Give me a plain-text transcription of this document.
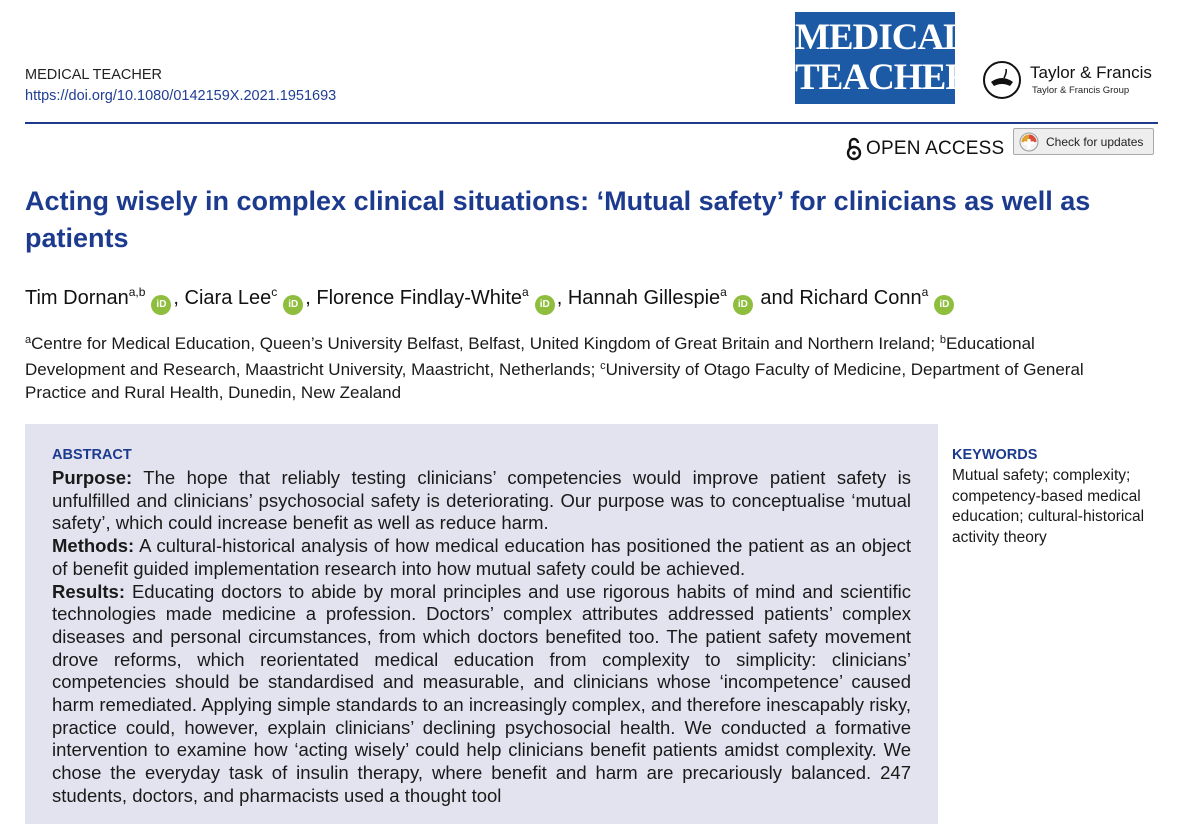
MEDICAL TEACHER
https://doi.org/10.1080/0142159X.2021.1951693
MEDICAL
TEACHER	Taylor & Francis
Taylor & Francis Group
OPEN ACCESS	Check for updates
Acting wisely in complex clinical situations: ‘Mutual safety’ for clinicians as well as patients
Tim Dornan$^{a,b}$iD , Ciara Lee$^c$iD , Florence Findlay-White$^a$iD , Hannah Gillespie$^a$iD and Richard Conn$^a$iD
$^a$Centre for Medical Education, Queen’s University Belfast, Belfast, United Kingdom of Great Britain and Northern Ireland; $^b$Educational Development and Research, Maastricht University, Maastricht, Netherlands; $^c$University of Otago Faculty of Medicine, Department of General Practice and Rural Health, Dunedin, New Zealand
ABSTRACT

Purpose: The hope that reliably testing clinicians’ competencies would improve patient safety is unfulfilled and clinicians’ psychosocial safety is deteriorating. Our purpose was to conceptualise ‘mutual safety’, which could increase benefit as well as reduce harm.

Methods: A cultural-historical analysis of how medical education has positioned the patient as an object of benefit guided implementation research into how mutual safety could be achieved.

Results: Educating doctors to abide by moral principles and use rigorous habits of mind and scientific technologies made medicine a profession. Doctors’ complex attributes addressed patients’ complex diseases and personal circumstances, from which doctors benefited too. The patient safety movement drove reforms, which reorientated medical education from complexity to simplicity: clinicians’ competencies should be standardised and measurable, and clinicians whose ‘incompetence’ caused harm remediated. Applying simple standards to an increasingly complex, and therefore inescapably risky, practice could, however, explain clinicians’ declining psychosocial health. We conducted a formative intervention to examine how ‘acting wisely’ could help clinicians benefit patients amidst complexity. We chose the everyday task of insulin therapy, where benefit and harm are precariously balanced. 247 students, doctors, and pharmacists used a thought tool

KEYWORDS
Mutual safety; complexity; competency-based medical education; cultural-historical activity theory
